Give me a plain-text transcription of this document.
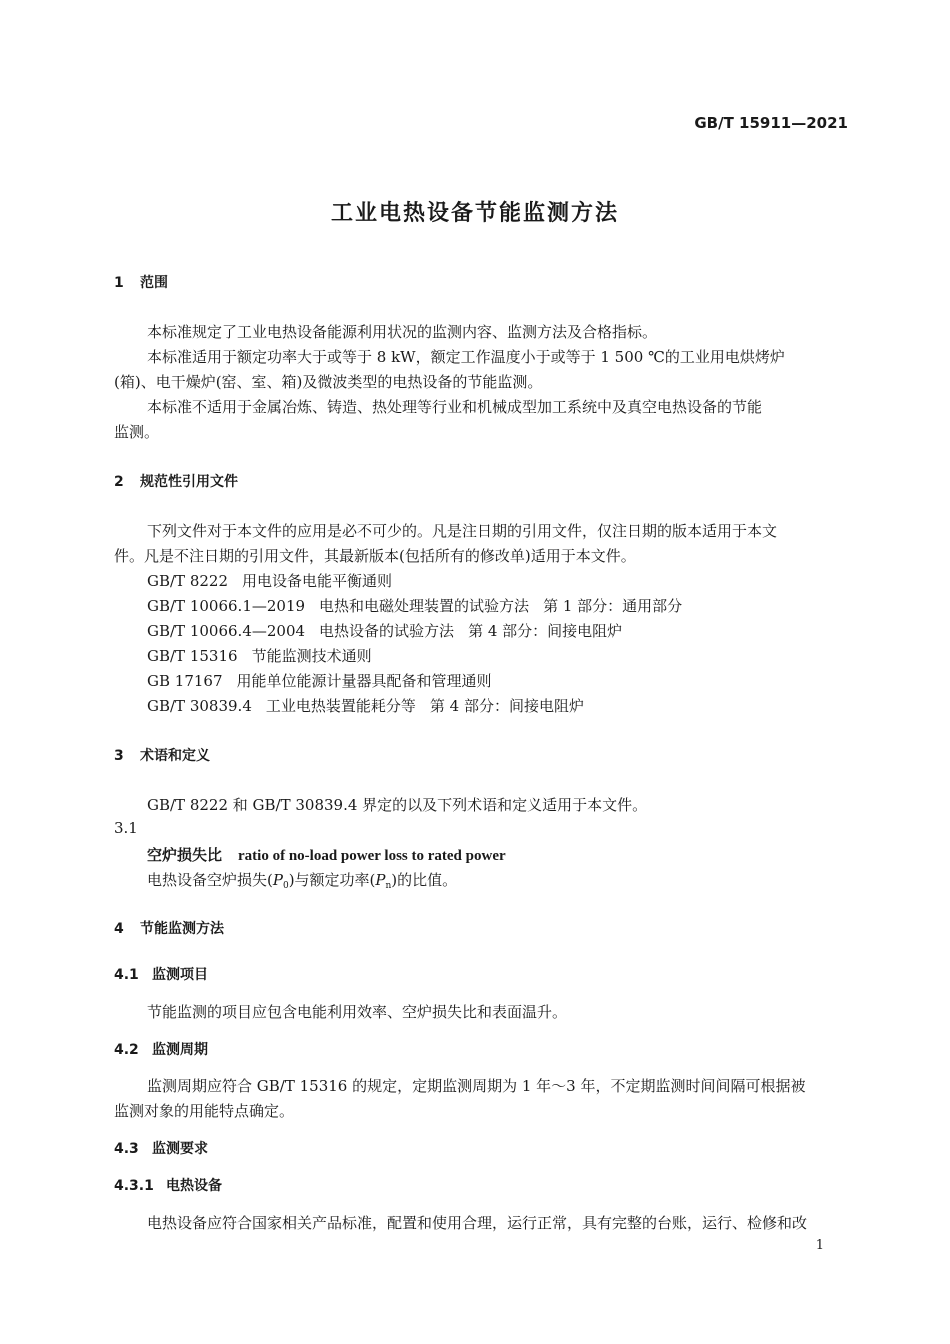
GB/T 15911—2021
工业电热设备节能监测方法
1 范围
本标准规定了工业电热设备能源利用状况的监测内容、监测方法及合格指标。
本标准适用于额定功率大于或等于 8 kW，额定工作温度小于或等于 1 500 ℃的工业用电烘烤炉
(箱)、电干燥炉(窑、室、箱)及微波类型的电热设备的节能监测。
本标准不适用于金属冶炼、铸造、热处理等行业和机械成型加工系统中及真空电热设备的节能
监测。
2 规范性引用文件
下列文件对于本文件的应用是必不可少的。凡是注日期的引用文件，仅注日期的版本适用于本文
件。凡是不注日期的引用文件，其最新版本(包括所有的修改单)适用于本文件。
GB/T 8222 用电设备电能平衡通则
GB/T 10066.1—2019 电热和电磁处理装置的试验方法 第 1 部分：通用部分
GB/T 10066.4—2004 电热设备的试验方法 第 4 部分：间接电阻炉
GB/T 15316 节能监测技术通则
GB 17167 用能单位能源计量器具配备和管理通则
GB/T 30839.4 工业电热装置能耗分等 第 4 部分：间接电阻炉
3 术语和定义
GB/T 8222 和 GB/T 30839.4 界定的以及下列术语和定义适用于本文件。
3.1
空炉损失比 ratio of no-load power loss to rated power
电热设备空炉损失$(P_0)$与额定功率$(P_n)$的比值。
4 节能监测方法
4.1 监测项目
节能监测的项目应包含电能利用效率、空炉损失比和表面温升。
4.2 监测周期
监测周期应符合 GB/T 15316 的规定，定期监测周期为 1 年～3 年，不定期监测时间间隔可根据被
监测对象的用能特点确定。
4.3 监测要求
4.3.1 电热设备
电热设备应符合国家相关产品标准，配置和使用合理，运行正常，具有完整的台账，运行、检修和改
1
